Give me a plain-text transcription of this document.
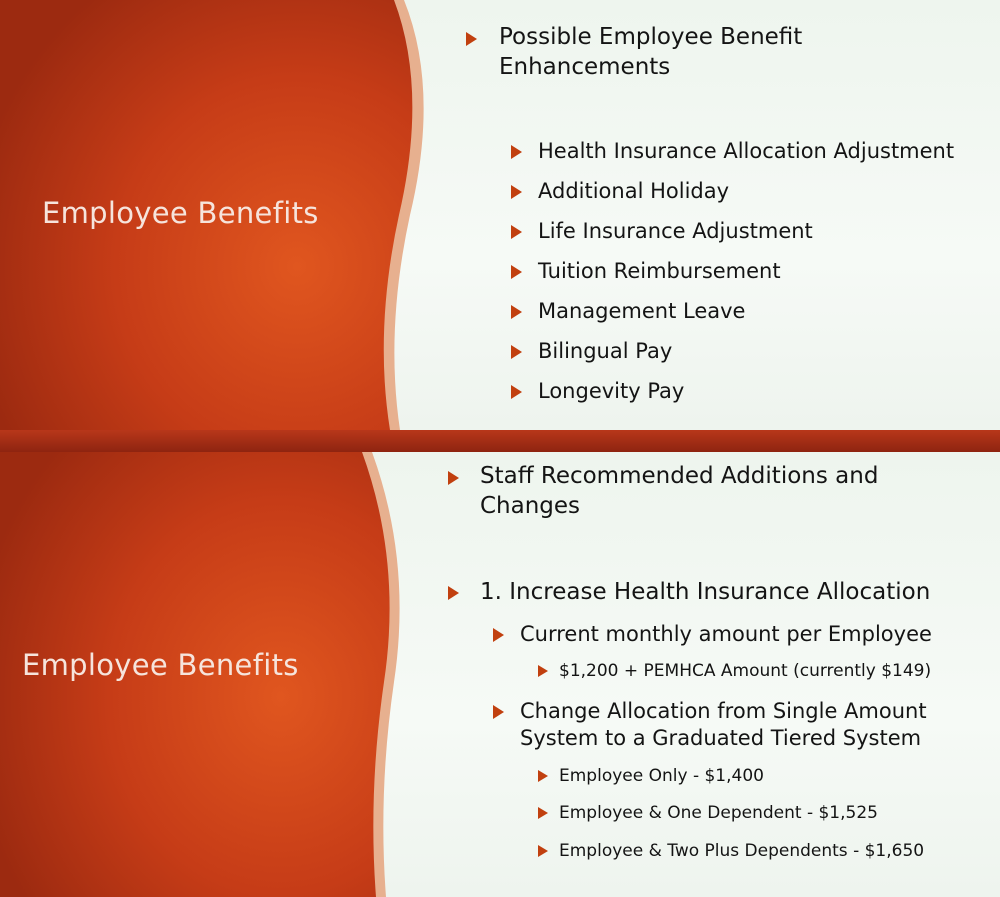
Employee Benefits
Possible Employee Benefit
Enhancements
Health Insurance Allocation Adjustment
Additional Holiday
Life Insurance Adjustment
Tuition Reimbursement
Management Leave
Bilingual Pay
Longevity Pay
Employee Benefits
Staff Recommended Additions and
Changes
1. Increase Health Insurance Allocation
Current monthly amount per Employee
$1,200 + PEMHCA Amount (currently $149)
Change Allocation from Single Amount
System to a Graduated Tiered System
Employee Only - $1,400
Employee & One Dependent - $1,525
Employee & Two Plus Dependents - $1,650
